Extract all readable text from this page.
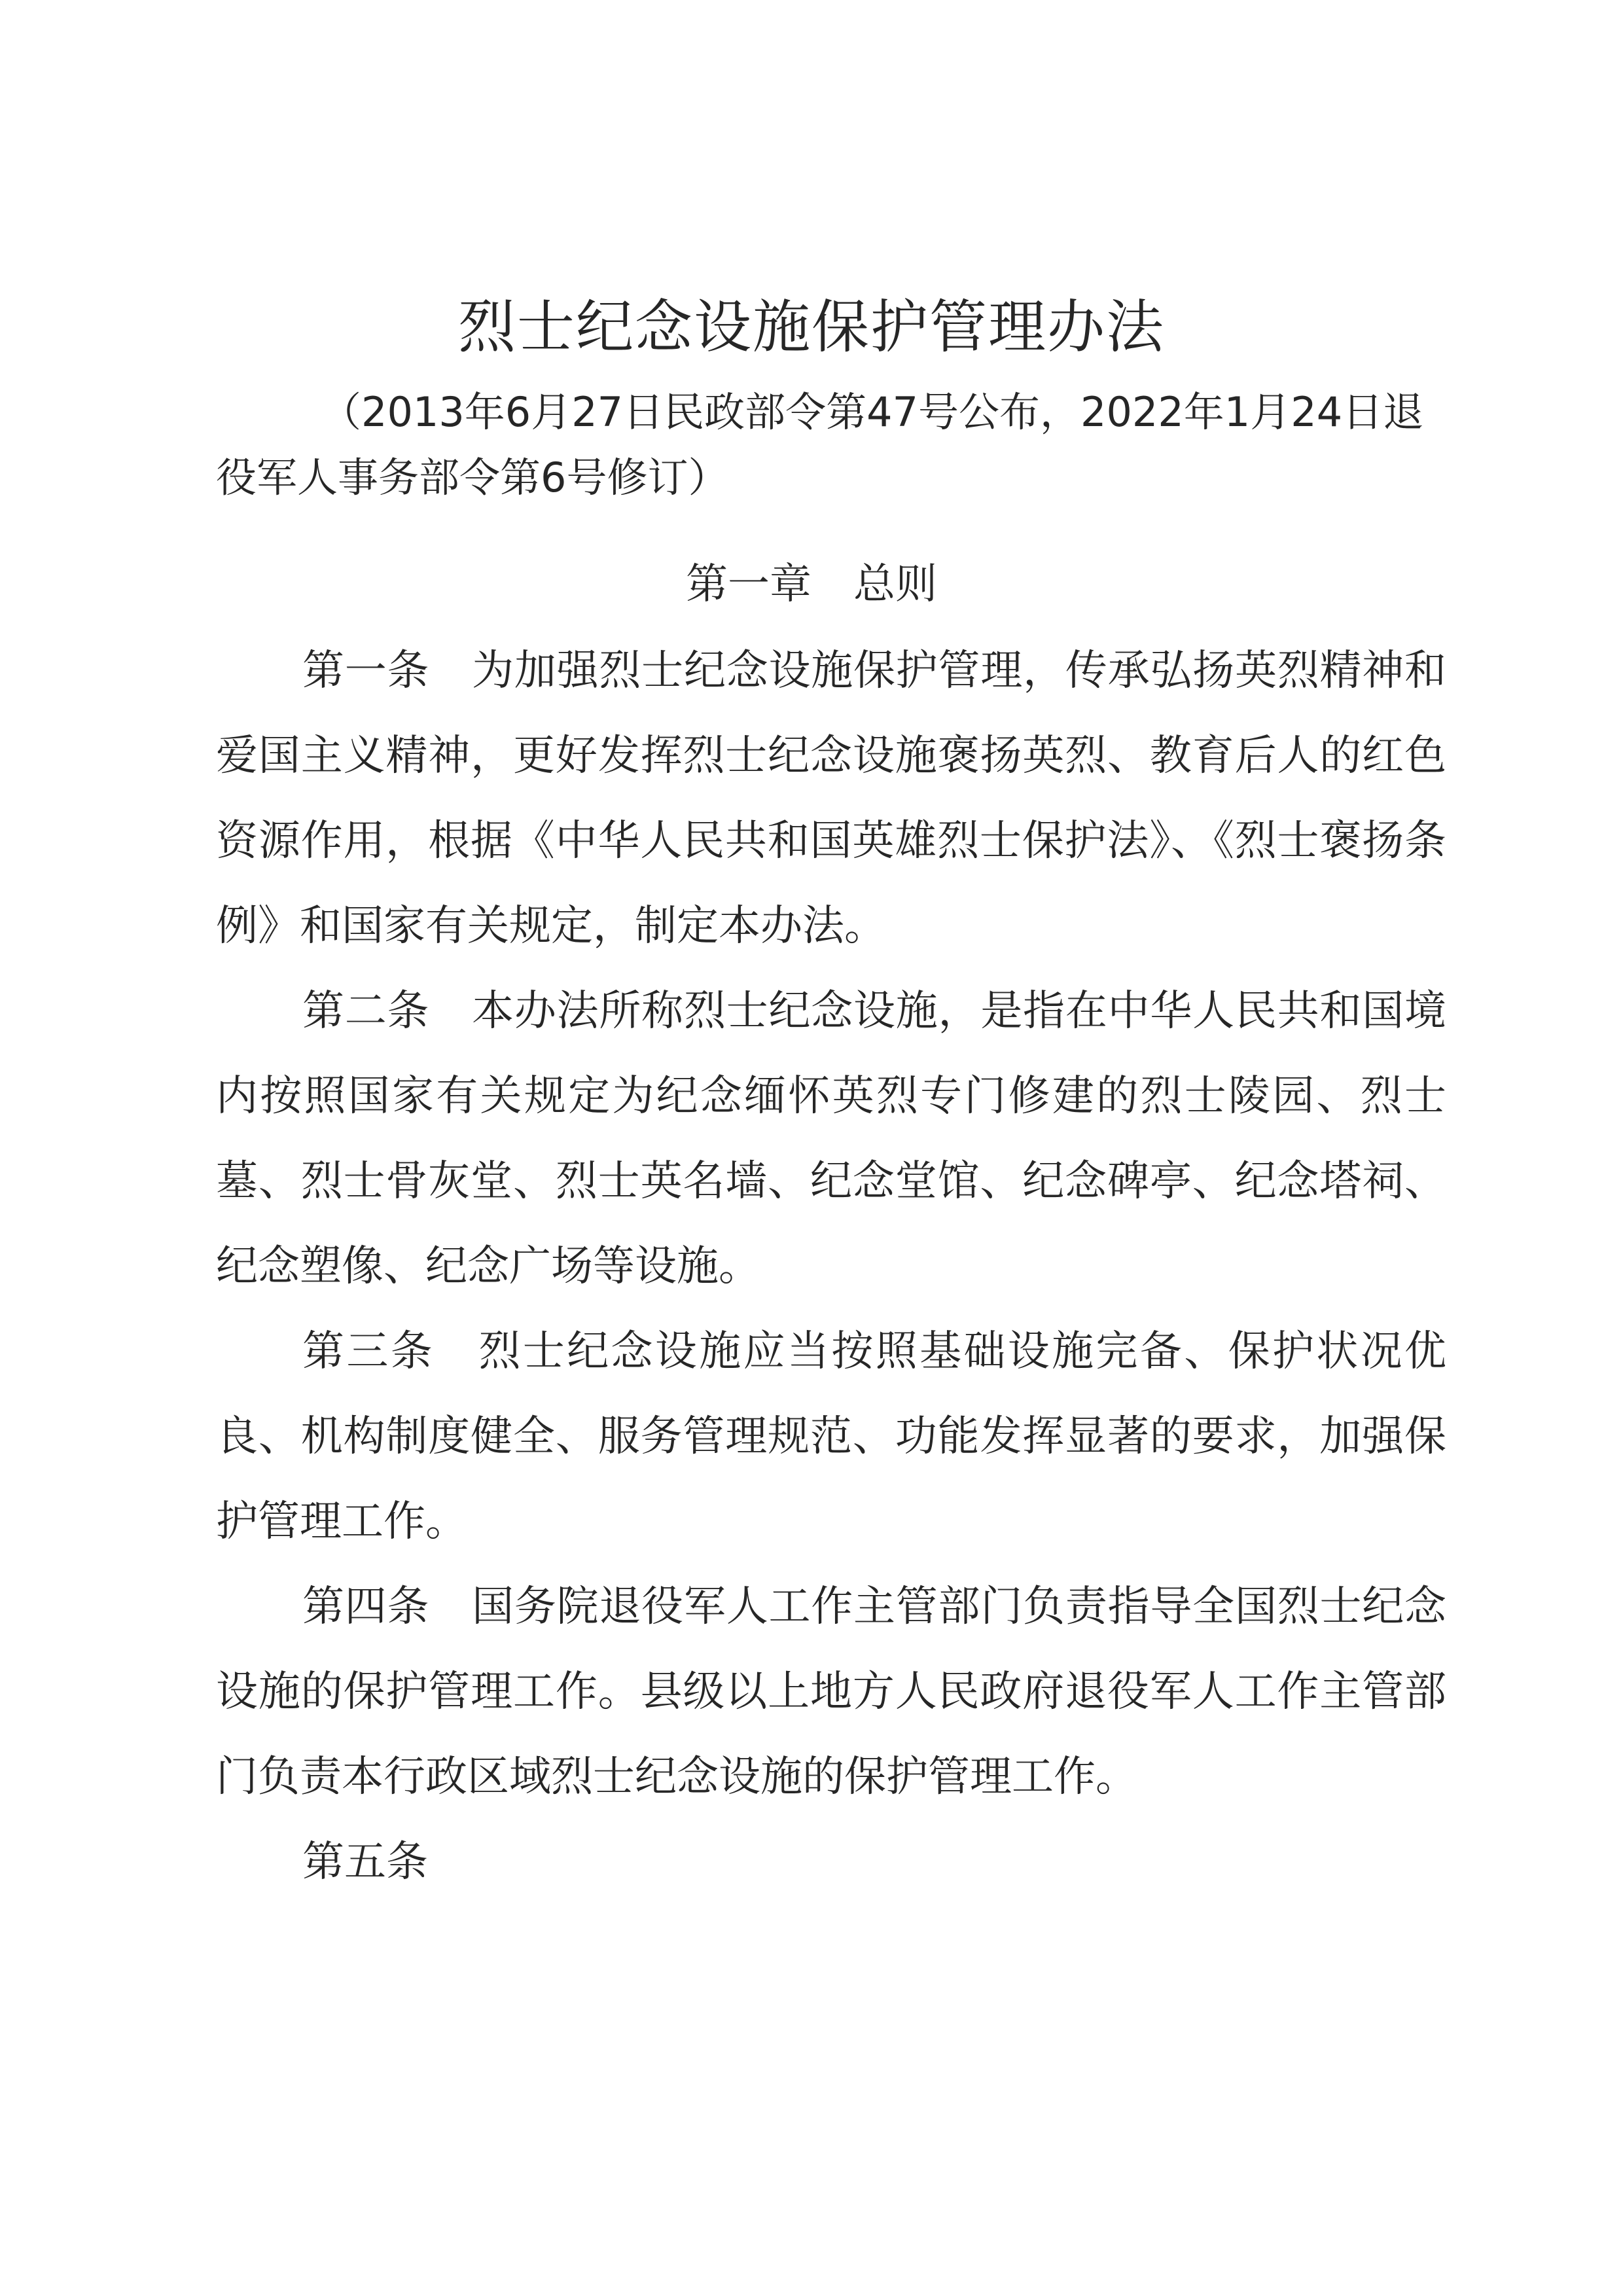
烈士纪念设施保护管理办法
（2013年6月27日民政部令第47号公布，2022年1月24日退役军人事务部令第6号修订）
第一章　总则

第一条　 为加强烈士纪念设施保护管理，传承弘扬英烈精神和爱国主义精神，更好发挥烈士纪念设施褒扬英烈、教育后人的红色资源作用，根据《中华人民共和国英雄烈士保护法》、《烈士褒扬条例》和国家有关规定，制定本办法。

第二条　 本办法所称烈士纪念设施，是指在中华人民共和国境内按照国家有关规定为纪念缅怀英烈专门修建的烈士陵园、烈士墓、烈士骨灰堂、烈士英名墙、纪念堂馆、纪念碑亭、纪念塔祠、纪念塑像、纪念广场等设施。

第三条　 烈士纪念设施应当按照基础设施完备、保护状况优良、机构制度健全、服务管理规范、功能发挥显著的要求，加强保护管理工作。

第四条　 国务院退役军人工作主管部门负责指导全国烈士纪念设施的保护管理工作。县级以上地方人民政府退役军人工作主管部门负责本行政区域烈士纪念设施的保护管理工作。

第五条
